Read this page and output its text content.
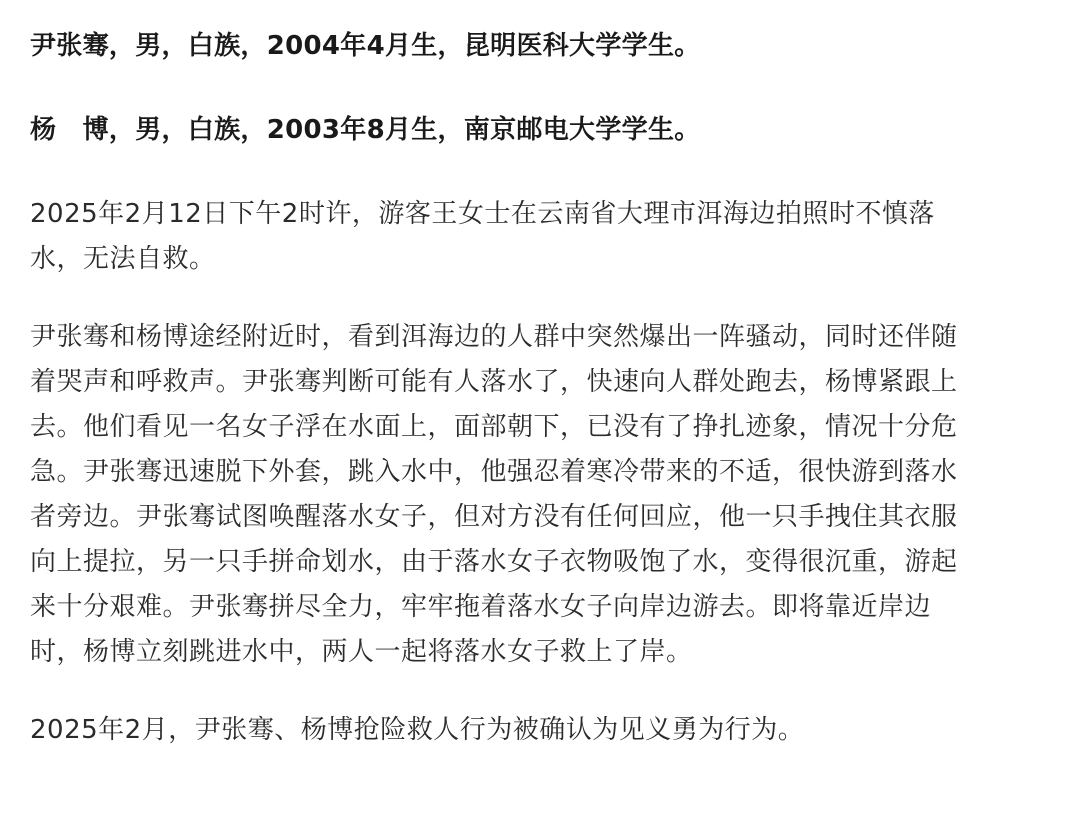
尹张骞，男，白族，2004年4月生，昆明医科大学学生。

杨　博，男，白族，2003年8月生，南京邮电大学学生。

2025年2月12日下午2时许，游客王女士在云南省大理市洱海边拍照时不慎落
水，无法自救。

尹张骞和杨博途经附近时，看到洱海边的人群中突然爆出一阵骚动，同时还伴随
着哭声和呼救声。尹张骞判断可能有人落水了，快速向人群处跑去，杨博紧跟上
去。他们看见一名女子浮在水面上，面部朝下，已没有了挣扎迹象，情况十分危
急。尹张骞迅速脱下外套，跳入水中，他强忍着寒冷带来的不适，很快游到落水
者旁边。尹张骞试图唤醒落水女子，但对方没有任何回应，他一只手拽住其衣服
向上提拉，另一只手拼命划水，由于落水女子衣物吸饱了水，变得很沉重，游起
来十分艰难。尹张骞拼尽全力，牢牢拖着落水女子向岸边游去。即将靠近岸边
时，杨博立刻跳进水中，两人一起将落水女子救上了岸。

2025年2月，尹张骞、杨博抢险救人行为被确认为见义勇为行为。
